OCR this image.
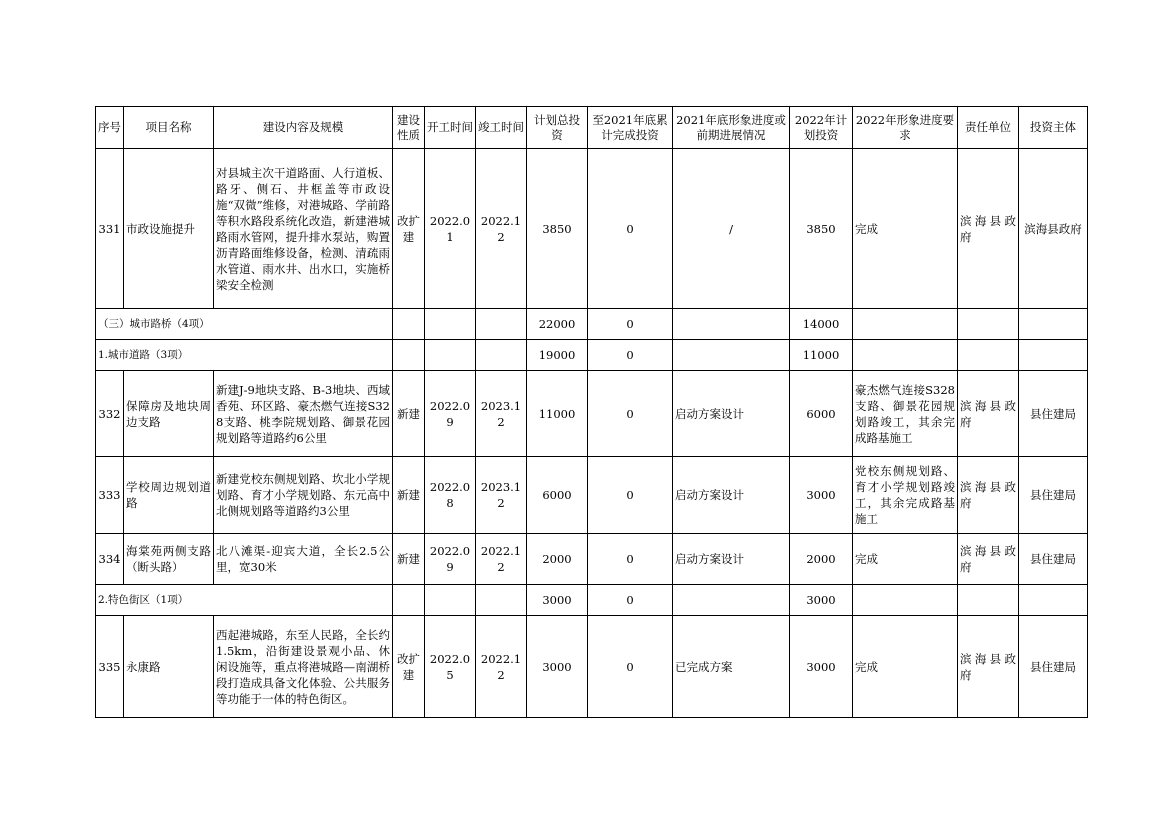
序号	项目名称	建设内容及规模	建设性质	开工时间	竣工时间	计划总投资	至2021年底累计完成投资	2021年底形象进度或前期进展情况	2022年计划投资	2022年形象进度要求	责任单位	投资主体
331	市政设施提升	对县城主次干道路面、人行道板、路牙、侧石、井框盖等市政设施“双微”维修，对港城路、学前路等积水路段系统化改造，新建港城路雨水管网，提升排水泵站，购置沥青路面维修设备，检测、清疏雨水管道、雨水井、出水口，实施桥梁安全检测	改扩建	2022.01	2022.12	3850	0	/	3850	完成	滨海县政府	滨海县政府
（三）城市路桥（4项）						22000	0		14000			
1.城市道路（3项）						19000	0		11000			
332	保障房及地块周边支路	新建J-9地块支路、B-3地块、西域香苑、环区路、豪杰燃气连接S328支路、桃李院规划路、御景花园规划路等道路约6公里	新建	2022.09	2023.12	11000	0	启动方案设计	6000	豪杰燃气连接S328支路、御景花园规划路竣工，其余完成路基施工	滨海县政府	县住建局
333	学校周边规划道路	新建党校东侧规划路、坎北小学规划路、育才小学规划路、东元高中北侧规划路等道路约3公里	新建	2022.08	2023.12	6000	0	启动方案设计	3000	党校东侧规划路、育才小学规划路竣工，其余完成路基施工	滨海县政府	县住建局
334	海棠苑两侧支路（断头路）	北八滩渠-迎宾大道，全长2.5公里，宽30米	新建	2022.09	2022.12	2000	0	启动方案设计	2000	完成	滨海县政府	县住建局
2.特色街区（1项）						3000	0		3000			
335	永康路	西起港城路，东至人民路，全长约1.5km，沿街建设景观小品、休闲设施等，重点将港城路—南湖桥段打造成具备文化体验、公共服务等功能于一体的特色街区。	改扩建	2022.05	2022.12	3000	0	已完成方案	3000	完成	滨海县政府	县住建局
